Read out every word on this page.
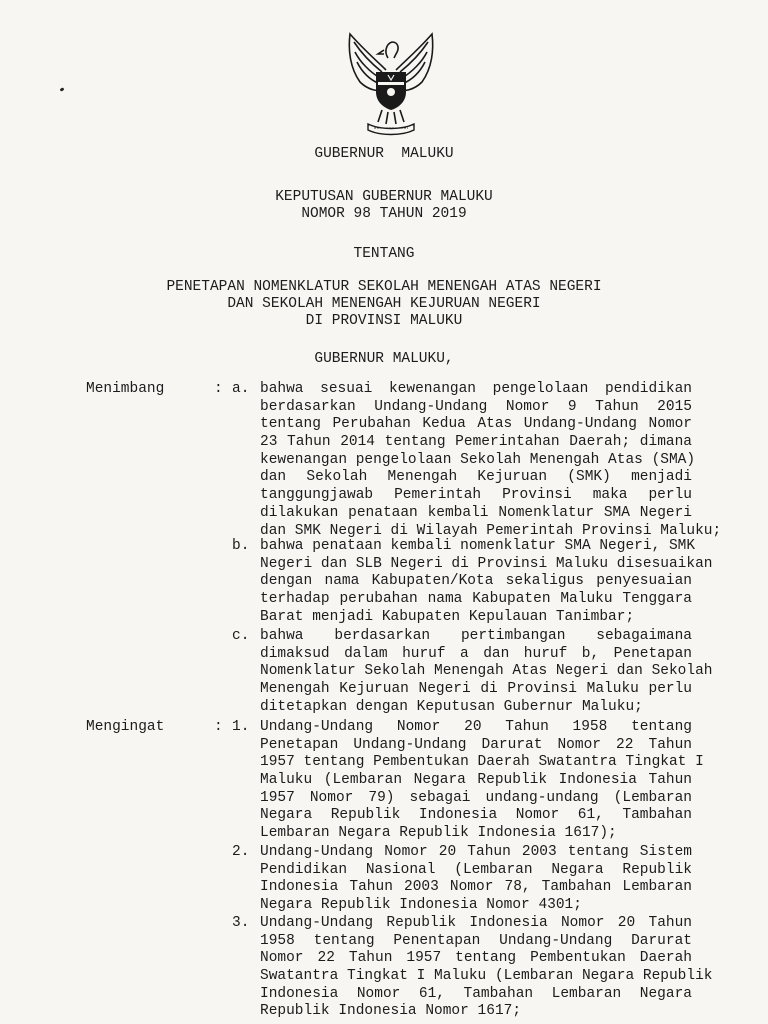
GUBERNUR  MALUKU
KEPUTUSAN GUBERNUR MALUKU
NOMOR 98 TAHUN 2019
TENTANG
PENETAPAN NOMENKLATUR SEKOLAH MENENGAH ATAS NEGERI
DAN SEKOLAH MENENGAH KEJURUAN NEGERI
DI PROVINSI MALUKU
GUBERNUR MALUKU,
Menimbang	: a. bahwa sesuai kewenangan pengelolaan pendidikan
berdasarkan Undang-Undang Nomor 9 Tahun 2015
tentang Perubahan Kedua Atas Undang-Undang Nomor
23 Tahun 2014 tentang Pemerintahan Daerah; dimana
kewenangan pengelolaan Sekolah Menengah Atas (SMA)
dan Sekolah Menengah Kejuruan (SMK) menjadi
tanggungjawab Pemerintah Provinsi maka perlu
dilakukan penataan kembali Nomenklatur SMA Negeri
dan SMK Negeri di Wilayah Pemerintah Provinsi Maluku;
b. bahwa penataan kembali nomenklatur SMA Negeri, SMK
Negeri dan SLB Negeri di Provinsi Maluku disesuaikan
dengan nama Kabupaten/Kota sekaligus penyesuaian
terhadap perubahan nama Kabupaten Maluku Tenggara
Barat menjadi Kabupaten Kepulauan Tanimbar;
c. bahwa berdasarkan pertimbangan sebagaimana
dimaksud dalam huruf a dan huruf b, Penetapan
Nomenklatur Sekolah Menengah Atas Negeri dan Sekolah
Menengah Kejuruan Negeri di Provinsi Maluku perlu
ditetapkan dengan Keputusan Gubernur Maluku;
Mengingat	: 1. Undang-Undang Nomor 20 Tahun 1958 tentang
Penetapan Undang-Undang Darurat Nomor 22 Tahun
1957 tentang Pembentukan Daerah Swatantra Tingkat I
Maluku (Lembaran Negara Republik Indonesia Tahun
1957 Nomor 79) sebagai undang-undang (Lembaran
Negara Republik Indonesia Nomor 61, Tambahan
Lembaran Negara Republik Indonesia 1617);
2. Undang-Undang Nomor 20 Tahun 2003 tentang Sistem
Pendidikan Nasional (Lembaran Negara Republik
Indonesia Tahun 2003 Nomor 78, Tambahan Lembaran
Negara Republik Indonesia Nomor 4301;
3. Undang-Undang Republik Indonesia Nomor 20 Tahun
1958 tentang Penentapan Undang-Undang Darurat
Nomor 22 Tahun 1957 tentang Pembentukan Daerah
Swatantra Tingkat I Maluku (Lembaran Negara Republik
Indonesia Nomor 61, Tambahan Lembaran Negara
Republik Indonesia Nomor 1617;
